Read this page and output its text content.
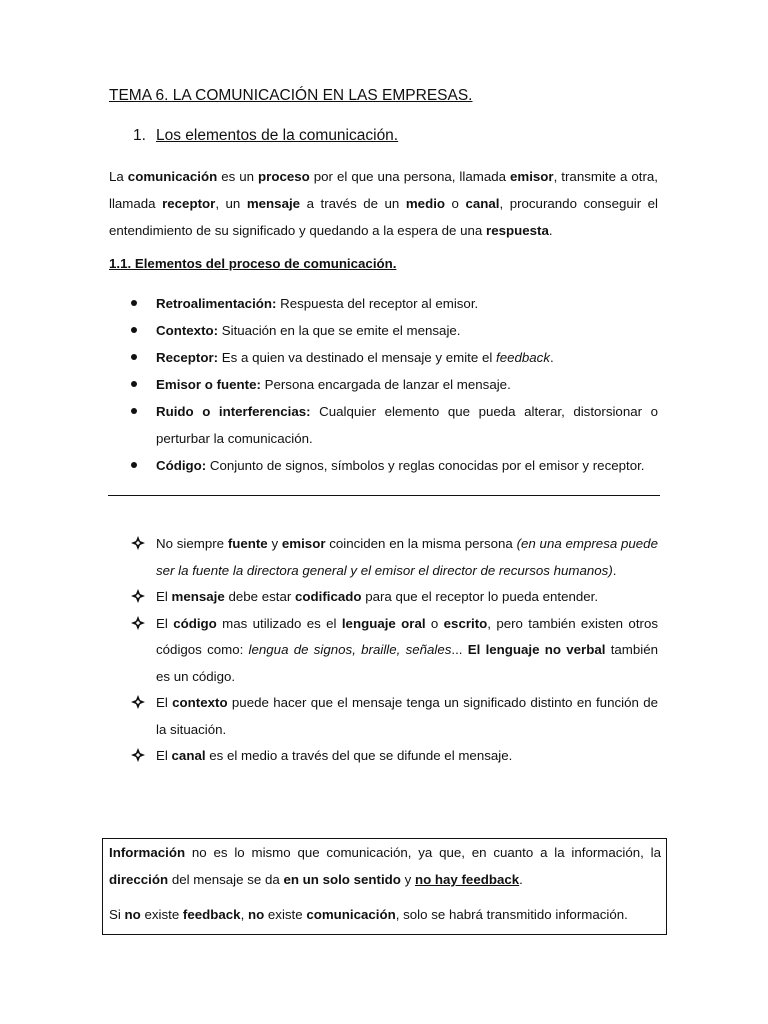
TEMA 6. LA COMUNICACIÓN EN LAS EMPRESAS.
1. Los elementos de la comunicación.
La comunicación es un proceso por el que una persona, llamada emisor, transmite a otra, llamada receptor, un mensaje a través de un medio o canal, procurando conseguir el entendimiento de su significado y quedando a la espera de una respuesta.
1.1. Elementos del proceso de comunicación.
Retroalimentación: Respuesta del receptor al emisor.
Contexto: Situación en la que se emite el mensaje.
Receptor: Es a quien va destinado el mensaje y emite el feedback.
Emisor o fuente: Persona encargada de lanzar el mensaje.
Ruido o interferencias: Cualquier elemento que pueda alterar, distorsionar o perturbar la comunicación.
Código: Conjunto de signos, símbolos y reglas conocidas por el emisor y receptor.
No siempre fuente y emisor coinciden en la misma persona (en una empresa puede ser la fuente la directora general y el emisor el director de recursos humanos).
El mensaje debe estar codificado para que el receptor lo pueda entender.
El código mas utilizado es el lenguaje oral o escrito, pero también existen otros códigos como: lengua de signos, braille, señales... El lenguaje no verbal también es un código.
El contexto puede hacer que el mensaje tenga un significado distinto en función de la situación.
El canal es el medio a través del que se difunde el mensaje.

Información no es lo mismo que comunicación, ya que, en cuanto a la información, la dirección del mensaje se da en un solo sentido y no hay feedback.

Si no existe feedback, no existe comunicación, solo se habrá transmitido información.
